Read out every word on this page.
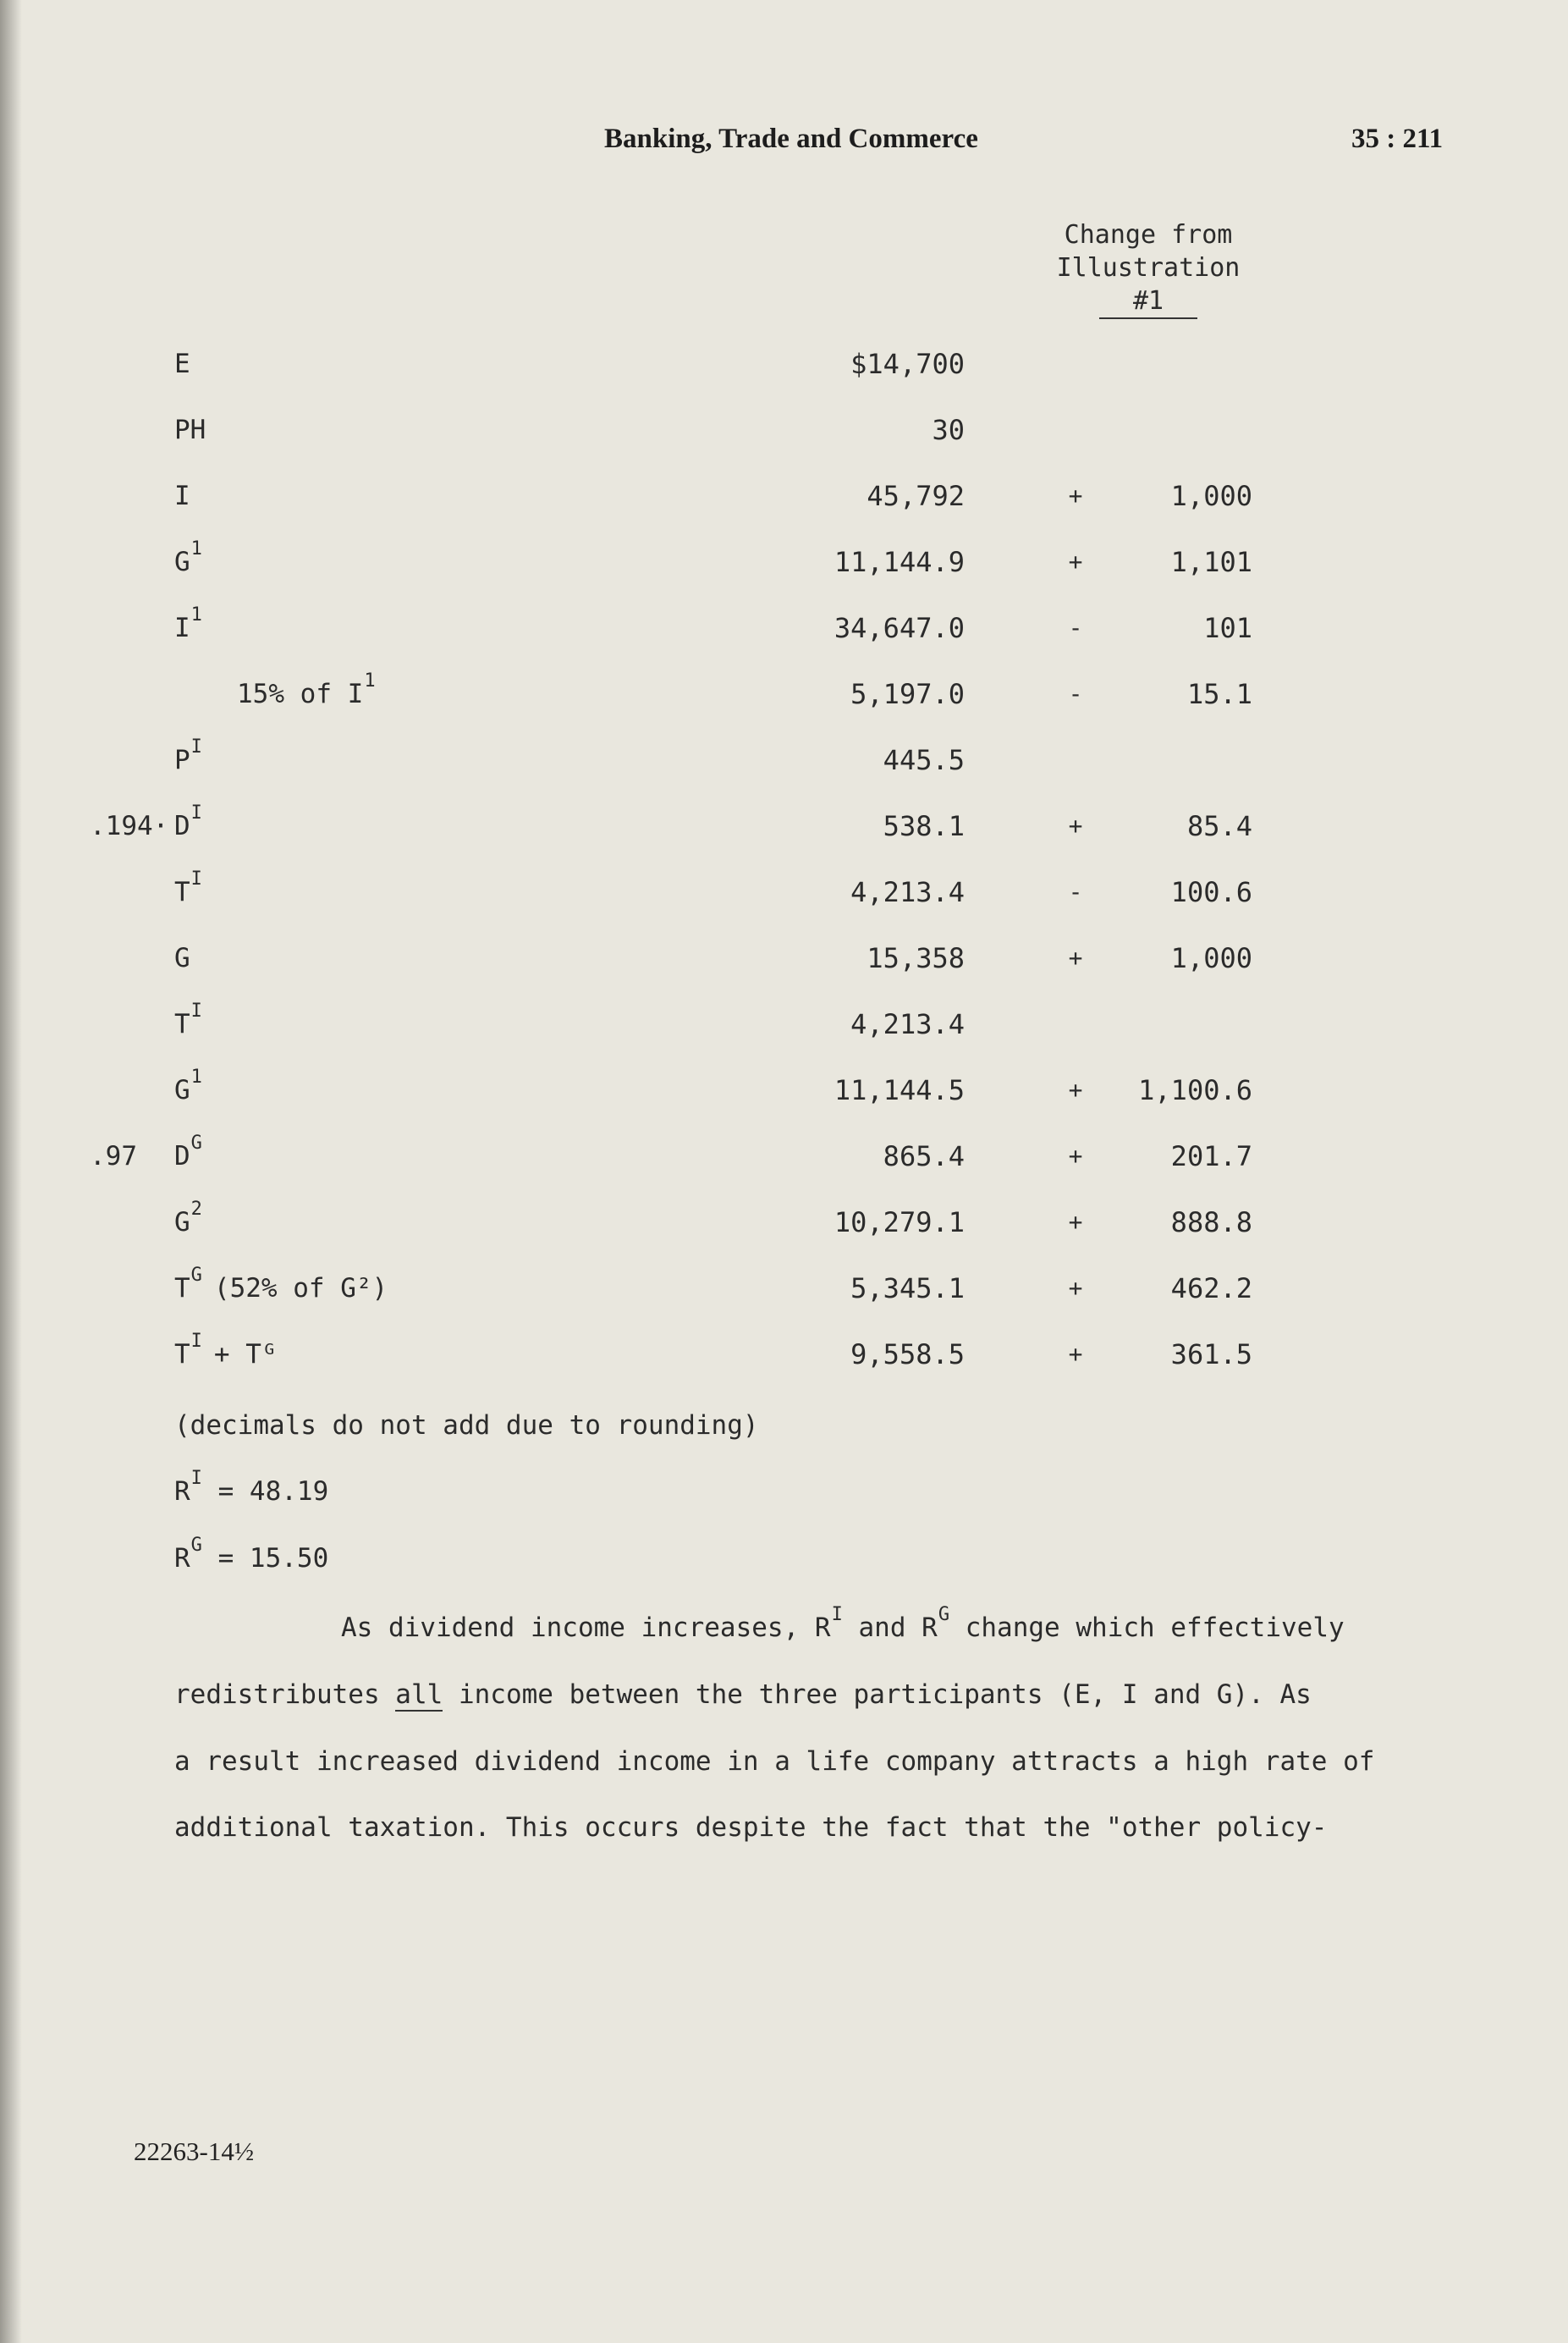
Banking, Trade and Commerce	35 : 211
Change from
Illustration
#1
E	$14,700
PH	30
I	45,792	+	1,000
$G^1$	11,144.9	+	1,101
$I^1$	34,647.0	-	101
15% of $I^1$	5,197.0	-	15.1
$P^I$	445.5
$.194\cdot D^I$	538.1	+	85.4
$T^I$	4,213.4	-	100.6
G	15,358	+	1,000
$T^I$	4,213.4
$G^1$	11,144.5	+	1,100.6
.97 $D^G$	865.4	+	201.7
$G^2$	10,279.1	+	888.8
$T^G$ (52% of G²)	5,345.1	+	462.2
$T^I$ + Tᴳ	9,558.5	+	361.5
(decimals do not add due to rounding)
$R^I = 48.19$
$R^G = 15.50$
As dividend income increases, $R^I$ and $R^G$ change which effectively
redistributes all income between the three participants (E, I and G). As
a result increased dividend income in a life company attracts a high rate of
additional taxation. This occurs despite the fact that the "other policy-
22263-14½
